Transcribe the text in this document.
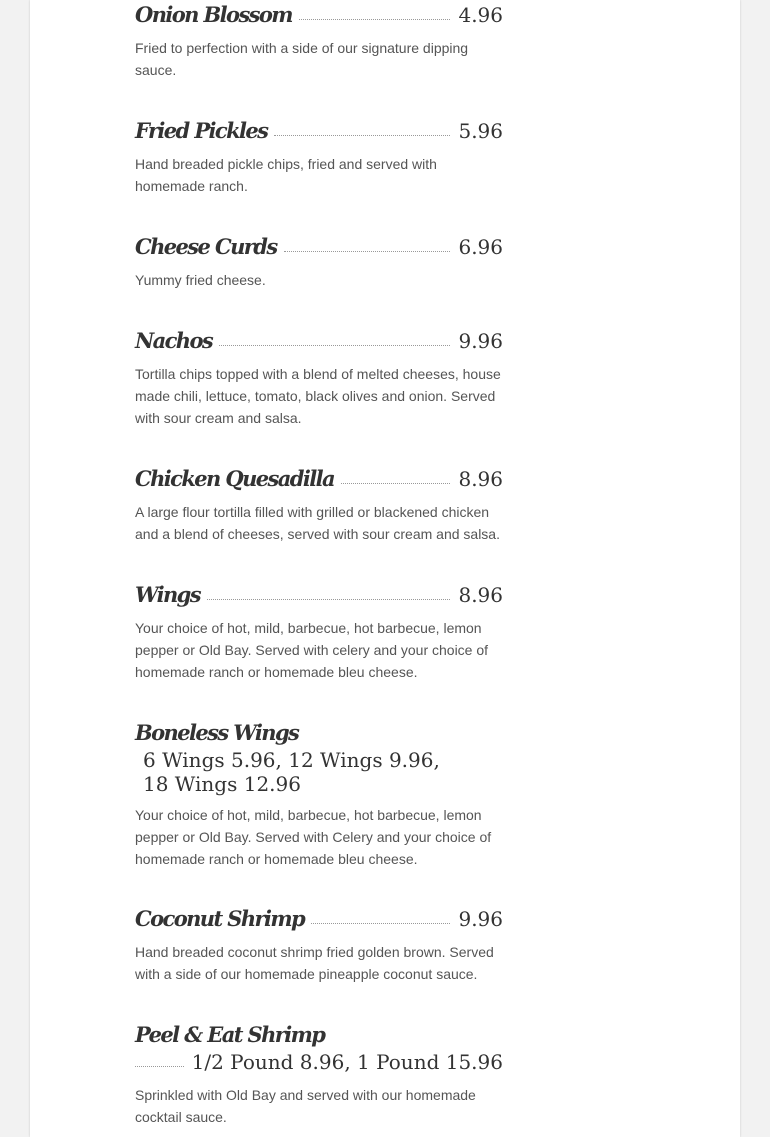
Onion Blossom	4.96
Fried to perfection with a side of our signature dipping sauce.
Fried Pickles	5.96
Hand breaded pickle chips, fried and served with homemade ranch.
Cheese Curds	6.96
Yummy fried cheese.
Nachos	9.96
Tortilla chips topped with a blend of melted cheeses, house made chili, lettuce, tomato, black olives and onion. Served with sour cream and salsa.
Chicken Quesadilla	8.96
A large flour tortilla filled with grilled or blackened chicken and a blend of cheeses, served with sour cream and salsa.
Wings	8.96
Your choice of hot, mild, barbecue, hot barbecue, lemon pepper or Old Bay. Served with celery and your choice of homemade ranch or homemade bleu cheese.
Boneless Wings
6 Wings 5.96, 12 Wings 9.96, 18 Wings 12.96
Your choice of hot, mild, barbecue, hot barbecue, lemon pepper or Old Bay. Served with Celery and your choice of homemade ranch or homemade bleu cheese.
Coconut Shrimp	9.96
Hand breaded coconut shrimp fried golden brown. Served with a side of our homemade pineapple coconut sauce.
Peel & Eat Shrimp
1/2 Pound 8.96, 1 Pound 15.96
Sprinkled with Old Bay and served with our homemade cocktail sauce.
